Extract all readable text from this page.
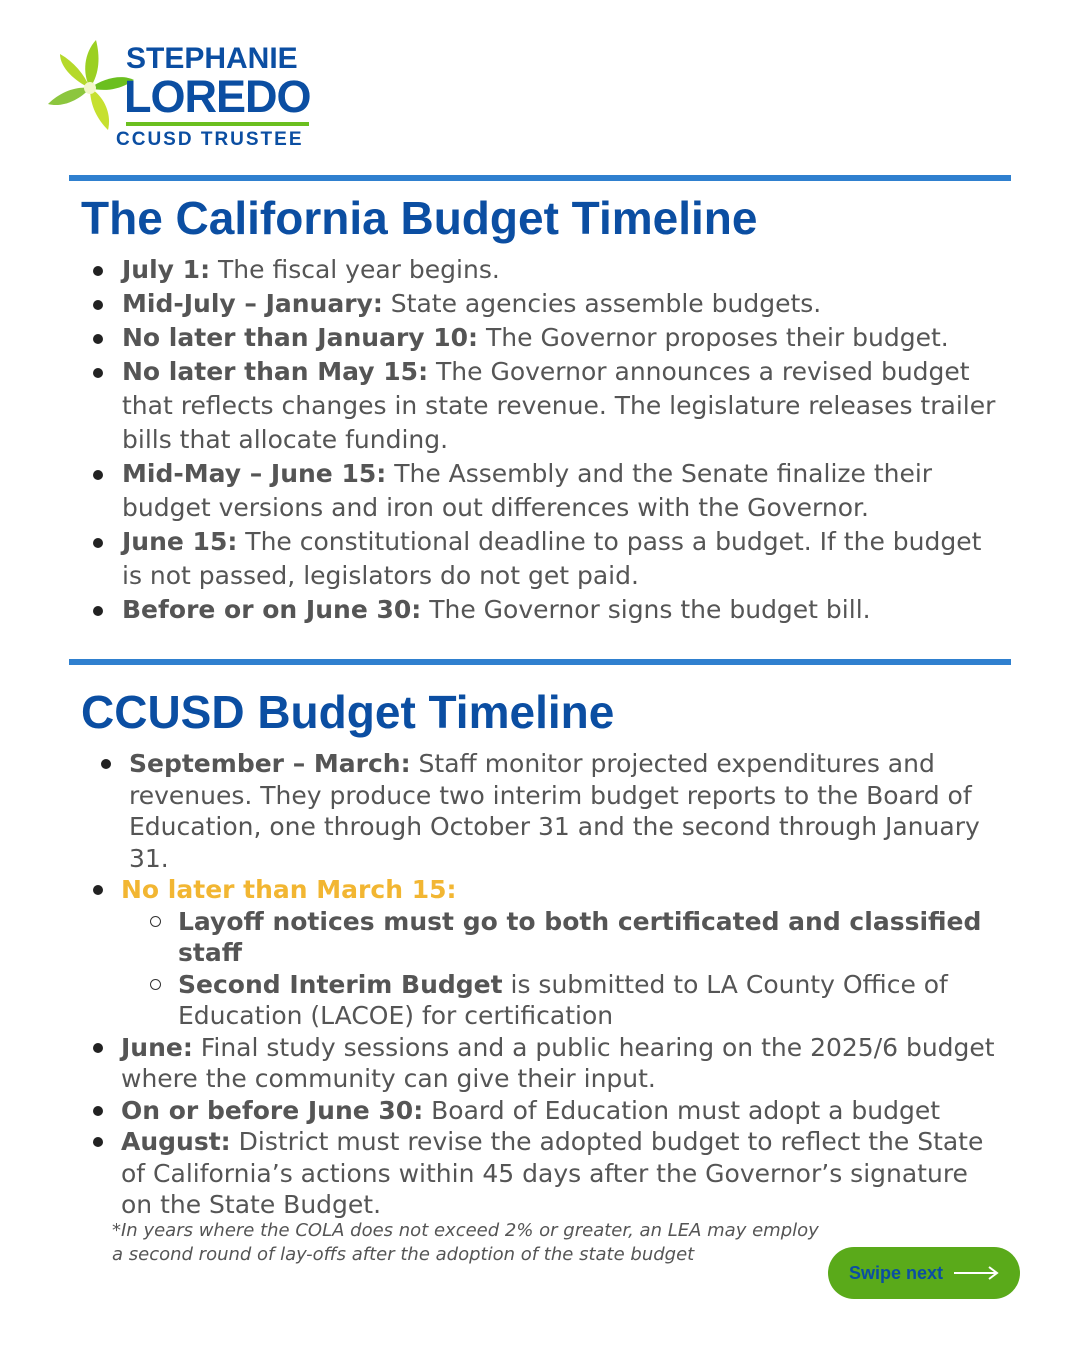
STEPHANIE
LOREDO
CCUSD TRUSTEE
The California Budget Timeline
July 1: The fiscal year begins.
Mid-July – January: State agencies assemble budgets.
No later than January 10: The Governor proposes their budget.
No later than May 15: The Governor announces a revised budget that reflects changes in state revenue. The legislature releases trailer bills that allocate funding.
Mid-May – June 15: The Assembly and the Senate finalize their budget versions and iron out differences with the Governor.
June 15: The constitutional deadline to pass a budget. If the budget is not passed, legislators do not get paid.
Before or on June 30: The Governor signs the budget bill.
CCUSD Budget Timeline
September – March: Staff monitor projected expenditures and revenues. They produce two interim budget reports to the Board of Education, one through October 31 and the second through January 31.
No later than March 15:
Layoff notices must go to both certificated and classified staff
Second Interim Budget is submitted to LA County Office of Education (LACOE) for certification
June: Final study sessions and a public hearing on the 2025/6 budget where the community can give their input.
On or before June 30: Board of Education must adopt a budget
August: District must revise the adopted budget to reflect the State of California’s actions within 45 days after the Governor’s signature on the State Budget.
*In years where the COLA does not exceed 2% or greater, an LEA may employ a second round of lay-offs after the adoption of the state budget
Swipe next
